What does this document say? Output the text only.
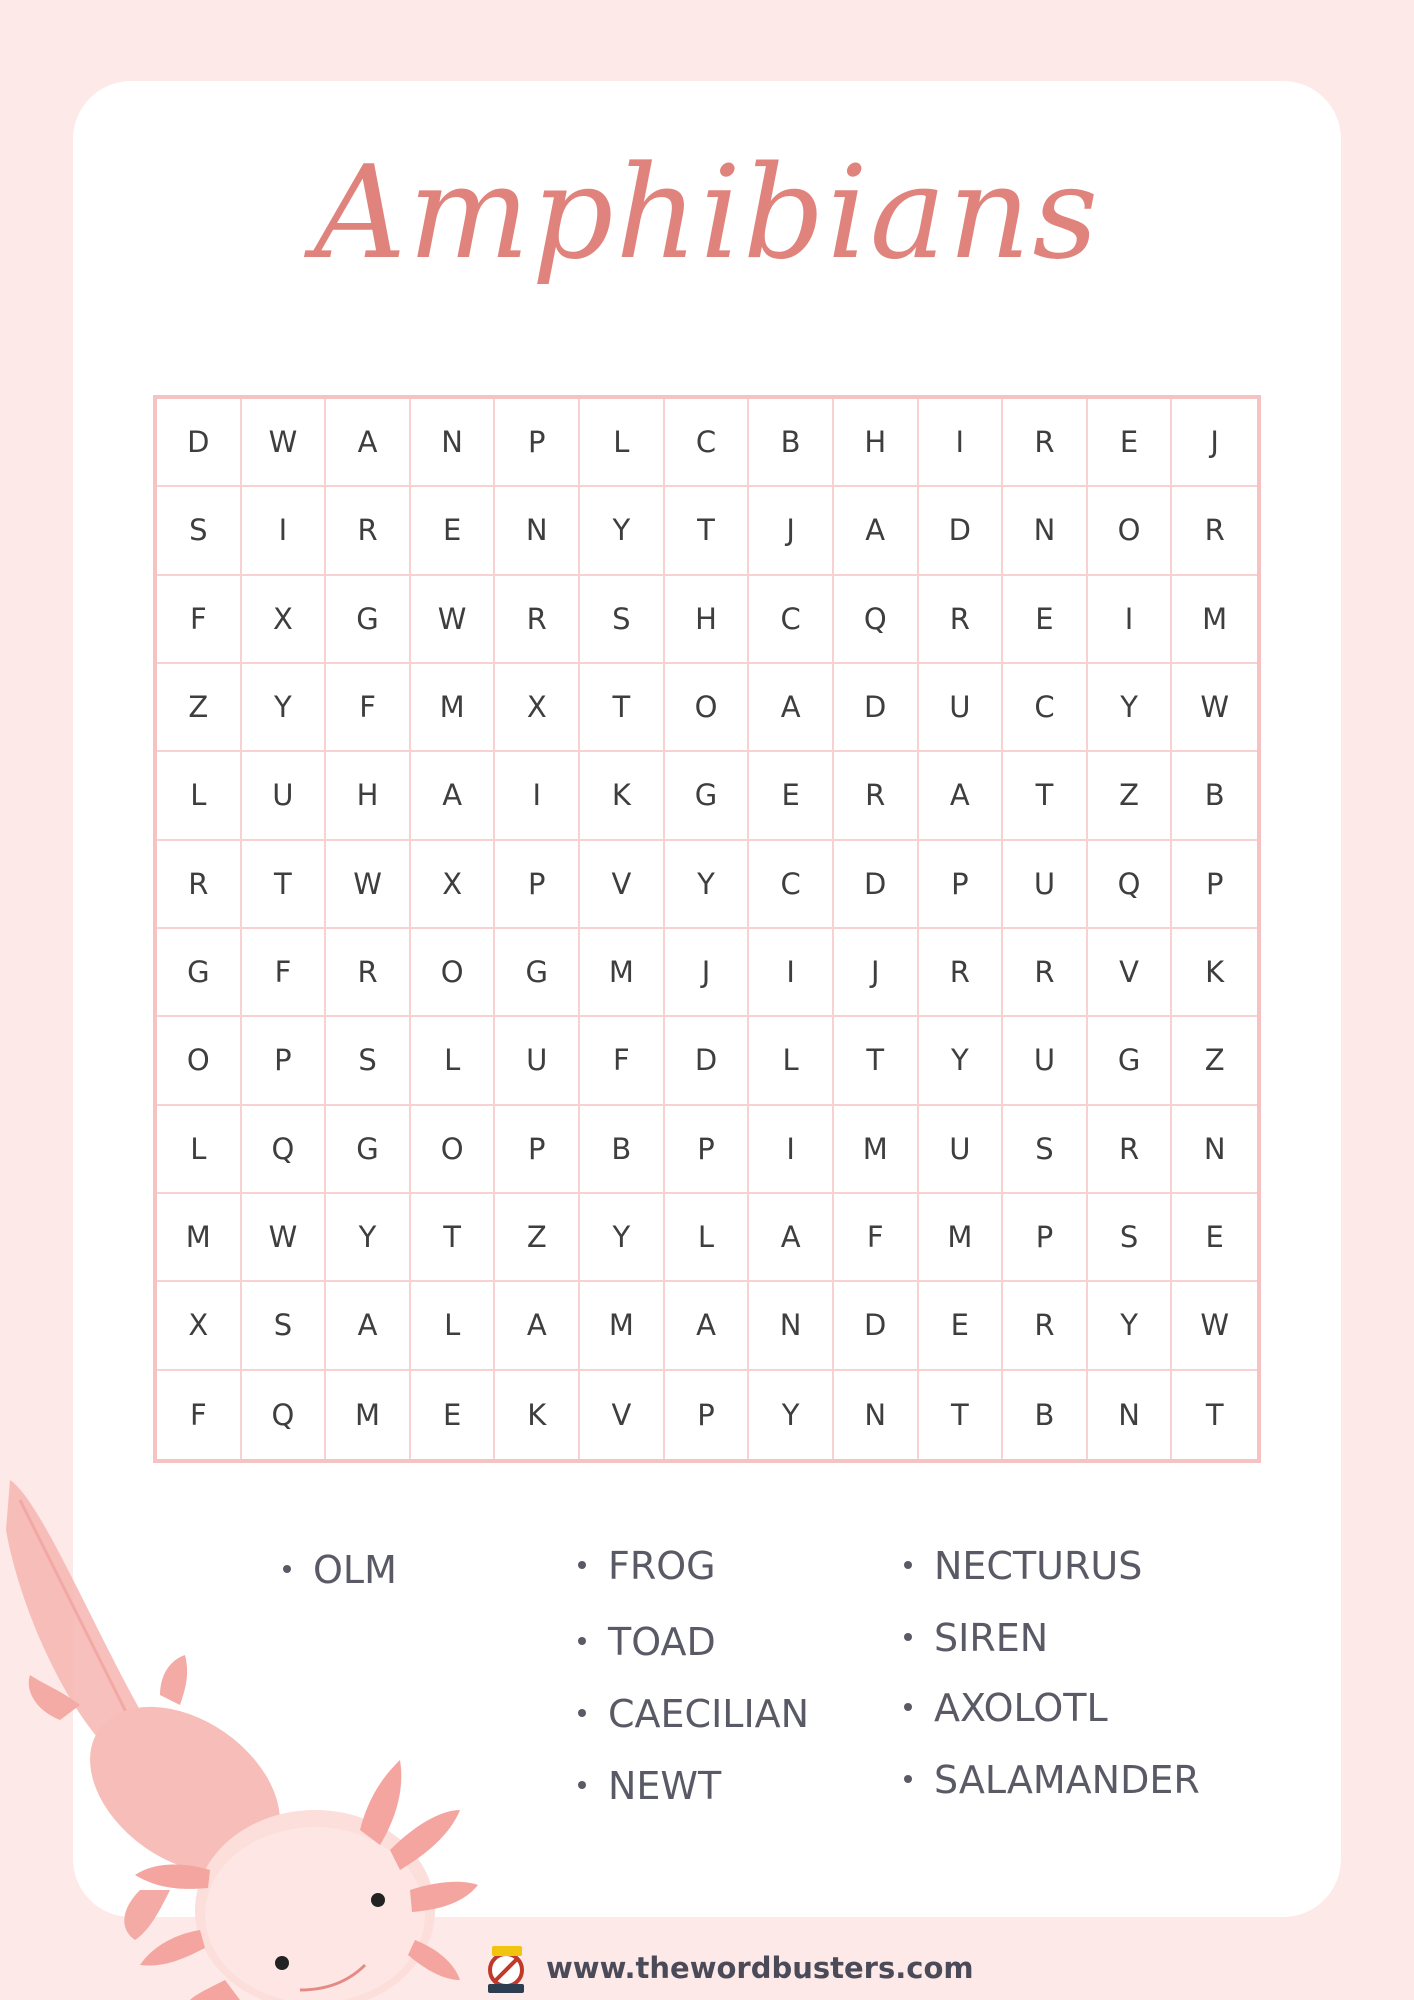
Amphibians
D	W	A	N	P	L	C	B	H	I	R	E	J
S	I	R	E	N	Y	T	J	A	D	N	O	R
F	X	G	W	R	S	H	C	Q	R	E	I	M
Z	Y	F	M	X	T	O	A	D	U	C	Y	W
L	U	H	A	I	K	G	E	R	A	T	Z	B
R	T	W	X	P	V	Y	C	D	P	U	Q	P
G	F	R	O	G	M	J	I	J	R	R	V	K
O	P	S	L	U	F	D	L	T	Y	U	G	Z
L	Q	G	O	P	B	P	I	M	U	S	R	N
M	W	Y	T	Z	Y	L	A	F	M	P	S	E
X	S	A	L	A	M	A	N	D	E	R	Y	W
F	Q	M	E	K	V	P	Y	N	T	B	N	T
OLM	FROG
TOAD
CAECILIAN
NEWT
NECTURUS
SIREN
AXOLOTL
SALAMANDER
www.thewordbusters.com
